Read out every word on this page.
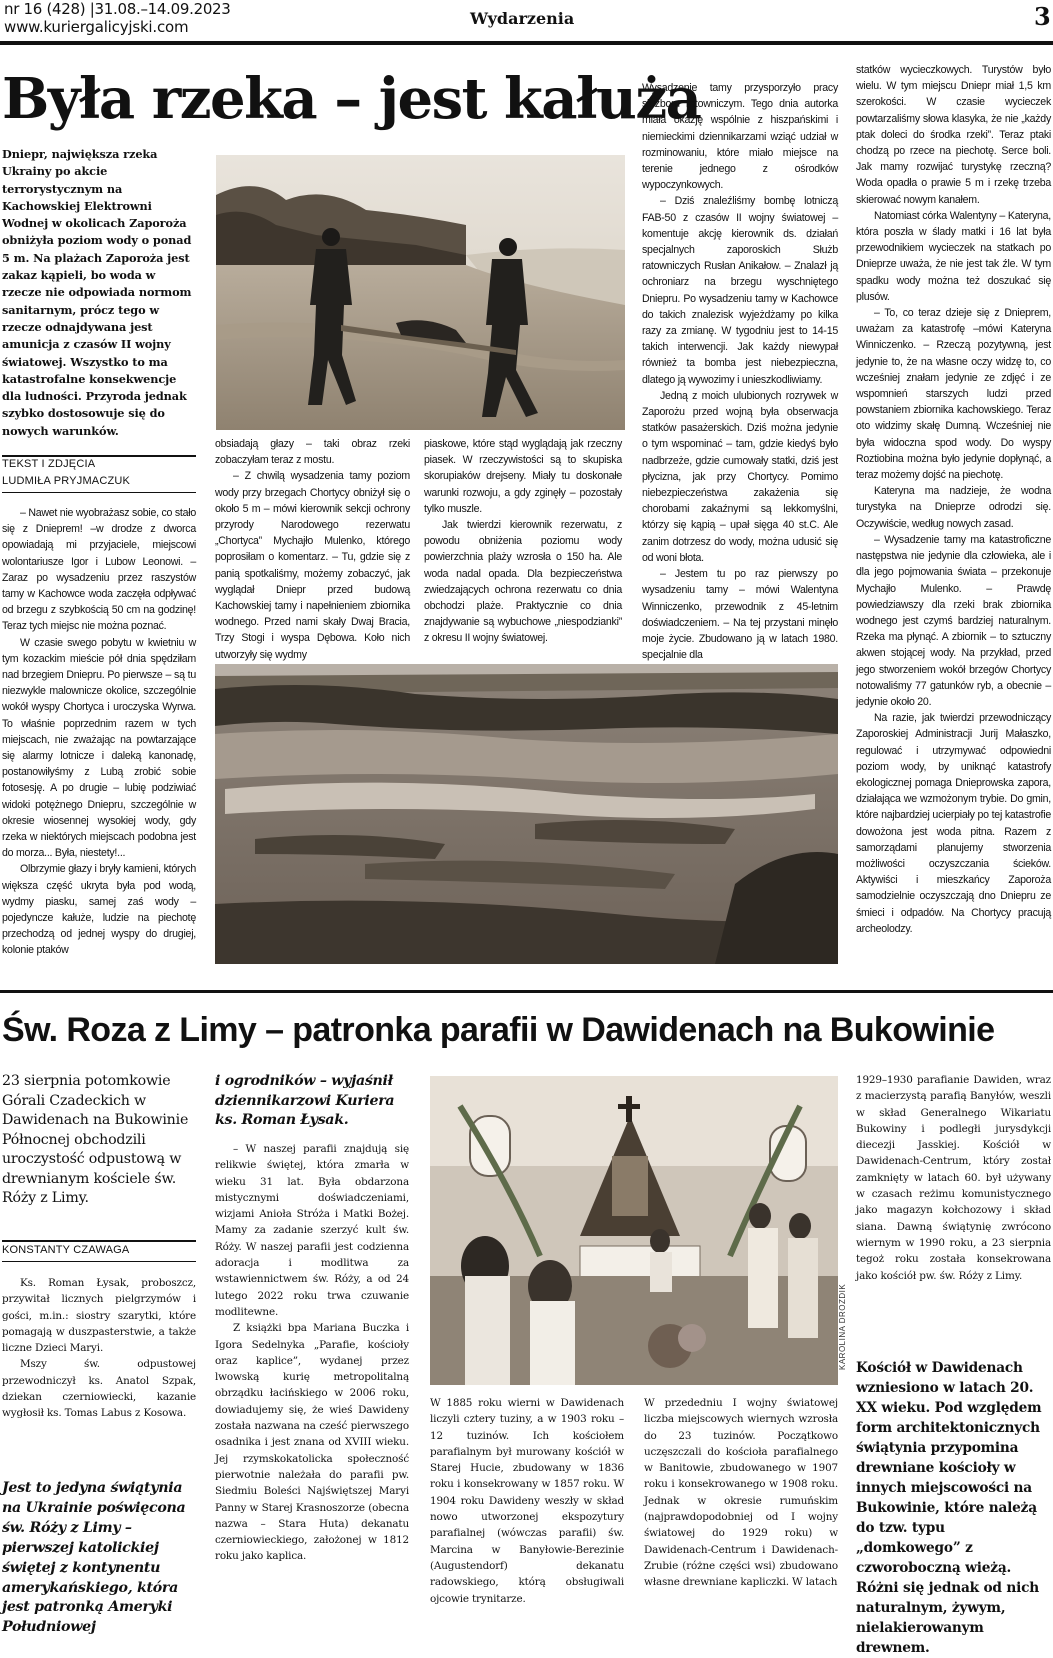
nr 16 (428) |31.08.–14.09.2023
www.kuriergalicyjski.com	Wydarzenia	3
Była rzeka – jest kałuża
Dniepr, największa rzeka Ukrainy po akcie terrorystycznym na Kachowskiej Elektrowni Wodnej w okolicach Zaporoża obniżyła poziom wody o ponad 5 m. Na plażach Zaporoża jest zakaz kąpieli, bo woda w rzecze nie odpowiada normom sanitarnym, prócz tego w rzecze odnajdywana jest amunicja z czasów II wojny światowej. Wszystko to ma katastrofalne konsekwencje dla ludności. Przyroda jednak szybko dostosowuje się do nowych warunków.
TEKST I ZDJĘCIA
LUDMIŁA PRYJMACZUK

– Nawet nie wyobrażasz sobie, co stało się z Dnieprem! –w drodze z dworca opowiadają mi przyjaciele, miejscowi wolontariusze Igor i Lubow Leonowi. – Zaraz po wysadzeniu przez raszystów tamy w Kachowce woda zaczęła odpływać od brzegu z szybkością 50 cm na godzinę! Teraz tych miejsc nie można poznać.

W czasie swego pobytu w kwietniu w tym kozackim mieście pół dnia spędziłam nad brzegiem Dniepru. Po pierwsze – są tu niezwykle malownicze okolice, szczególnie wokół wyspy Chortyca i uroczyska Wyrwa. To właśnie poprzednim razem w tych miejscach, nie zważając na powtarzające się alarmy lotnicze i daleką kanonadę, postanowiłyśmy z Lubą zrobić sobie fotosesję. A po drugie – lubię podziwiać widoki potężnego Dniepru, szczególnie w okresie wiosennej wysokiej wody, gdy rzeka w niektórych miejscach podobna jest do morza... Była, niestety!...

Olbrzymie głazy i bryły kamieni, których większa część ukryta była pod wodą, wydmy piasku, samej zaś wody – pojedyncze kałuże, ludzie na piechotę przechodzą od jednej wyspy do drugiej, kolonie ptaków

obsiadają głazy – taki obraz rzeki zobaczyłam teraz z mostu.

– Z chwilą wysadzenia tamy poziom wody przy brzegach Chortycy obniżył się o około 5 m – mówi kierownik sekcji ochrony przyrody Narodowego rezerwatu „Chortyca” Mychajło Mulenko, którego poprosiłam o komentarz. – Tu, gdzie się z panią spotkaliśmy, możemy zobaczyć, jak wyglądał Dniepr przed budową Kachowskiej tamy i napełnieniem zbiornika wodnego. Przed nami skały Dwaj Bracia, Trzy Stogi i wyspa Dębowa. Koło nich utworzyły się wydmy

piaskowe, które stąd wyglądają jak rzeczny piasek. W rzeczywistości są to skupiska skorupiaków drejseny. Miały tu doskonałe warunki rozwoju, a gdy zginęły – pozostały tylko muszle.

Jak twierdzi kierownik rezerwatu, z powodu obniżenia poziomu wody powierzchnia plaży wzrosła o 150 ha. Ale woda nadal opada. Dla bezpieczeństwa zwiedzających ochrona rezerwatu co dnia obchodzi plaże. Praktycznie co dnia znajdywanie są wybuchowe „niespodzianki” z okresu II wojny światowej.

Wysadzenie tamy przysporzyło pracy służbom ratowniczym. Tego dnia autorka miała okazję wspólnie z hiszpańskimi i niemieckimi dziennikarzami wziąć udział w rozminowaniu, które miało miejsce na terenie jednego z ośrodków wypoczynkowych.

– Dziś znaleźliśmy bombę lotniczą FAB-50 z czasów II wojny światowej – komentuje akcję kierownik ds. działań specjalnych zaporoskich Służb ratowniczych Rusłan Anikałow. – Znalazł ją ochroniarz na brzegu wyschniętego Dniepru. Po wysadzeniu tamy w Kachowce do takich znalezisk wyjeżdżamy po kilka razy za zmianę. W tygodniu jest to 14-15 takich interwencji. Jak każdy niewypał również ta bomba jest niebezpieczna, dlatego ją wywozimy i unieszkodliwiamy.

Jedną z moich ulubionych rozrywek w Zaporożu przed wojną była obserwacja statków pasażerskich. Dziś można jedynie o tym wspominać – tam, gdzie kiedyś było nadbrzeże, gdzie cumowały statki, dziś jest płycizna, jak przy Chortycy. Pomimo niebezpieczeństwa zakażenia się chorobami zakaźnymi są lekkomyślni, którzy się kąpią – upał sięga 40 st.C. Ale zanim dotrzesz do wody, można udusić się od woni błota.

– Jestem tu po raz pierwszy po wysadzeniu tamy – mówi Walentyna Winniczenko, przewodnik z 45-letnim doświadczeniem. – Na tej przystani minęło moje życie. Zbudowano ją w latach 1980. specjalnie dla

statków wycieczkowych. Turystów było wielu. W tym miejscu Dniepr miał 1,5 km szerokości. W czasie wycieczek powtarzaliśmy słowa klasyka, że nie „każdy ptak doleci do środka rzeki”. Teraz ptaki chodzą po rzece na piechotę. Serce boli. Jak mamy rozwijać turystykę rzeczną? Woda opadła o prawie 5 m i rzekę trzeba skierować nowym kanałem.

Natomiast córka Walentyny – Kateryna, która poszła w ślady matki i 16 lat była przewodnikiem wycieczek na statkach po Dnieprze uważa, że nie jest tak źle. W tym spadku wody można też doszukać się plusów.

– To, co teraz dzieje się z Dnieprem, uważam za katastrofę –mówi Kateryna Winniczenko. – Rzeczą pozytywną, jest jedynie to, że na własne oczy widzę to, co wcześniej znałam jedynie ze zdjęć i ze wspomnień starszych ludzi przed powstaniem zbiornika kachowskiego. Teraz oto widzimy skałę Dumną. Wcześniej nie była widoczna spod wody. Do wyspy Roztiobina można było jedynie dopłynąć, a teraz możemy dojść na piechotę.

Kateryna ma nadzieje, że wodna turystyka na Dnieprze odrodzi się. Oczywiście, według nowych zasad.

– Wysadzenie tamy ma katastroficzne następstwa nie jedynie dla człowieka, ale i dla jego pojmowania świata – przekonuje Mychajło Mulenko. – Prawdę powiedziawszy dla rzeki brak zbiornika wodnego jest czymś bardziej naturalnym. Rzeka ma płynąć. A zbiornik – to sztuczny akwen stojącej wody. Na przykład, przed jego stworzeniem wokół brzegów Chortycy notowaliśmy 77 gatunków ryb, a obecnie – jedynie około 20.

Na razie, jak twierdzi przewodniczący Zaporoskiej Administracji Jurij Małaszko, regulować i utrzymywać odpowiedni poziom wody, by uniknąć katastrofy ekologicznej pomaga Dnieprowska zapora, działająca we wzmożonym trybie. Do gmin, które najbardziej ucierpiały po tej katastrofie dowożona jest woda pitna. Razem z samorządami planujemy stworzenia możliwości oczyszczania ścieków. Aktywiści i mieszkańcy Zaporoża samodzielnie oczyszczają dno Dniepru ze śmieci i odpadów. Na Chortycy pracują archeolodzy.

Św. Roza z Limy – patronka parafii w Dawidenach na Bukowinie
23 sierpnia potomkowie Górali Czadeckich w Dawidenach na Bukowinie Północnej obchodzili uroczystość odpustową w drewnianym kościele św. Róży z Limy.
KONSTANTY CZAWAGA

Ks. Roman Łysak, proboszcz, przywitał licznych pielgrzymów i gości, m.in.: siostry szarytki, które pomagają w duszpasterstwie, a także liczne Dzieci Maryi.

Mszy św. odpustowej przewodniczył ks. Anatol Szpak, dziekan czerniowiecki, kazanie wygłosił ks. Tomas Labus z Kosowa.

Jest to jedyna świątynia na Ukrainie poświęcona św. Róży z Limy – pierwszej katolickiej świętej z kontynentu amerykańskiego, która jest patronką Ameryki Południowej
i ogrodników – wyjaśnił dziennikarzowi Kuriera ks. Roman Łysak.

– W naszej parafii znajdują się relikwie świętej, która zmarła w wieku 31 lat. Była obdarzona mistycznymi doświadczeniami, wizjami Anioła Stróża i Matki Bożej. Mamy za zadanie szerzyć kult św. Róży. W naszej parafii jest codzienna adoracja i modlitwa za wstawiennictwem św. Róży, a od 24 lutego 2022 roku trwa czuwanie modlitewne.

Z książki bpa Mariana Buczka i Igora Sedelnyka „Parafie, kościoły oraz kaplice”, wydanej przez lwowską kurię metropolitalną obrządku łacińskiego w 2006 roku, dowiadujemy się, że wieś Dawideny została nazwana na cześć pierwszego osadnika i jest znana od XVIII wieku. Jej rzymskokatolicka społeczność pierwotnie należała do parafii pw. Siedmiu Boleści Najświętszej Maryi Panny w Starej Krasnoszorze (obecna nazwa – Stara Huta) dekanatu czerniowieckiego, założonej w 1812 roku jako kaplica.

KAROLINA DROZDIK

W 1885 roku wierni w Dawidenach liczyli cztery tuziny, a w 1903 roku – 12 tuzinów. Ich kościołem parafialnym był murowany kościół w Starej Hucie, zbudowany w 1836 roku i konsekrowany w 1857 roku. W 1904 roku Dawideny weszły w skład nowo utworzonej ekspozytury parafialnej (wówczas parafii) św. Marcina w Banyłowie-Berezinie (Augustendorf) dekanatu radowskiego, którą obsługiwali ojcowie trynitarze.

W przededniu I wojny światowej liczba miejscowych wiernych wzrosła do 23 tuzinów. Początkowo uczęszczali do kościoła parafialnego w Banitowie, zbudowanego w 1907 roku i konsekrowanego w 1908 roku. Jednak w okresie rumuńskim (najprawdopodobniej od I wojny światowej do 1929 roku) w Dawidenach-Centrum i Dawidenach-Zrubie (różne części wsi) zbudowano własne drewniane kapliczki. W latach

1929–1930 parafianie Dawiden, wraz z macierzystą parafią Banyłów, weszli w skład Generalnego Wikariatu Bukowiny i podległi jurysdykcji diecezji Jasskiej. Kościół w Dawidenach-Centrum, który został zamknięty w latach 60. był używany w czasach reżimu komunistycznego jako magazyn kołchozowy i skład siana. Dawną świątynię zwrócono wiernym w 1990 roku, a 23 sierpnia tegoż roku została konsekrowana jako kościół pw. św. Róży z Limy.

Kościół w Dawidenach wzniesiono w latach 20. XX wieku. Pod względem form architektonicznych świątynia przypomina drewniane kościoły w innych miejscowości na Bukowinie, które należą do tzw. typu „domkowego” z czworoboczną wieżą. Różni się jednak od nich naturalnym, żywym, nielakierowanym drewnem.
